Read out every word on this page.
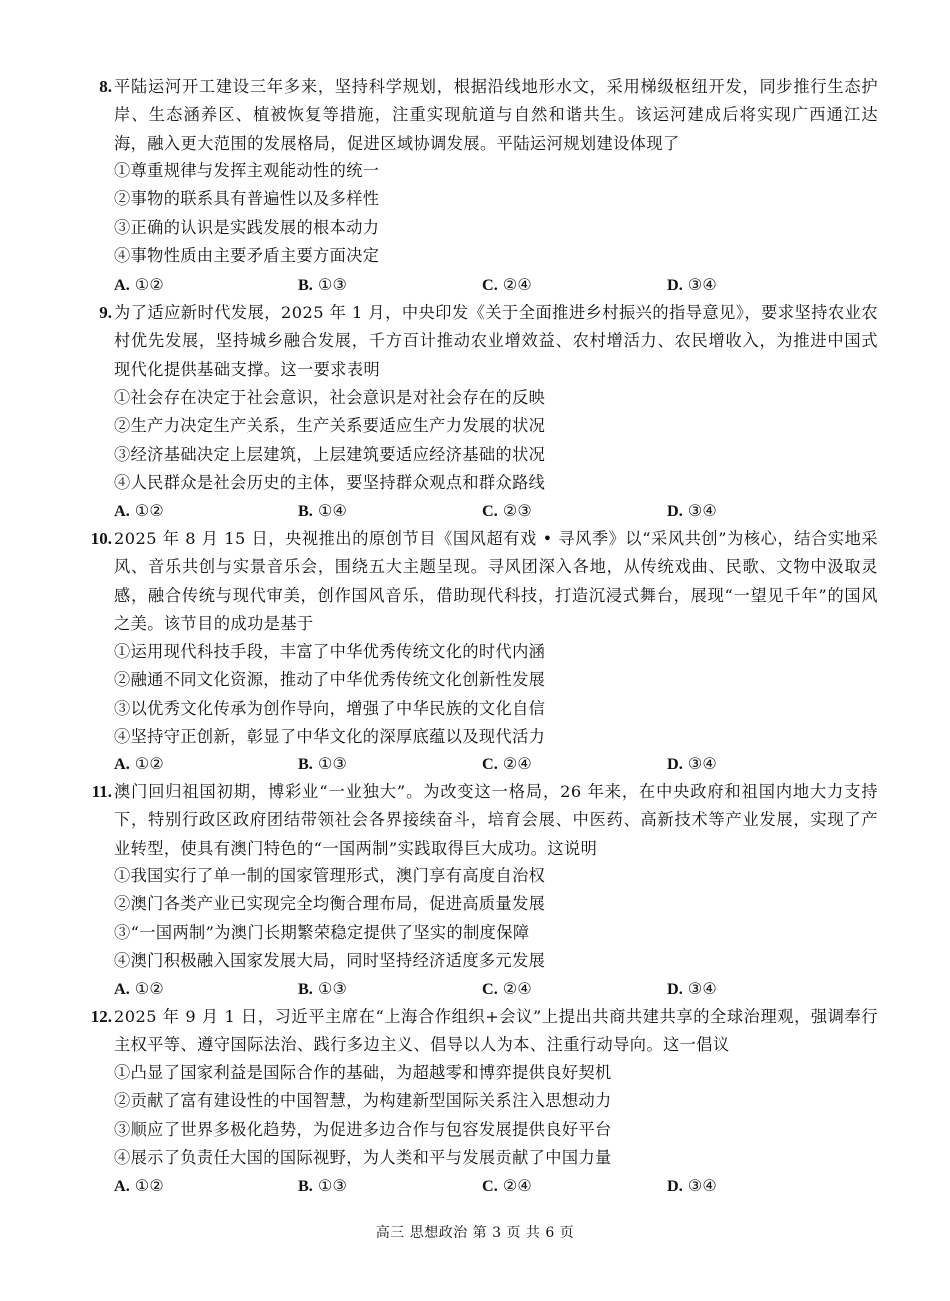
8. 平陆运河开工建设三年多来，坚持科学规划，根据沿线地形水文，采用梯级枢纽开发，同步推行生态护岸、生态涵养区、植被恢复等措施，注重实现航道与自然和谐共生。该运河建成后将实现广西通江达海，融入更大范围的发展格局，促进区域协调发展。平陆运河规划建设体现了
①尊重规律与发挥主观能动性的统一
②事物的联系具有普遍性以及多样性
③正确的认识是实践发展的根本动力
④事物性质由主要矛盾主要方面决定
A. ①②	B. ①③	C. ②④	D. ③④
9. 为了适应新时代发展，2025 年 1 月，中央印发《关于全面推进乡村振兴的指导意见》，要求坚持农业农村优先发展，坚持城乡融合发展，千方百计推动农业增效益、农村增活力、农民增收入，为推进中国式现代化提供基础支撑。这一要求表明
①社会存在决定于社会意识，社会意识是对社会存在的反映
②生产力决定生产关系，生产关系要适应生产力发展的状况
③经济基础决定上层建筑，上层建筑要适应经济基础的状况
④人民群众是社会历史的主体，要坚持群众观点和群众路线
A. ①②	B. ①④	C. ②③	D. ③④
10. 2025 年 8 月 15 日，央视推出的原创节目《国风超有戏 • 寻风季》以“采风共创”为核心，结合实地采风、音乐共创与实景音乐会，围绕五大主题呈现。寻风团深入各地，从传统戏曲、民歌、文物中汲取灵感，融合传统与现代审美，创作国风音乐，借助现代科技，打造沉浸式舞台，展现“一望见千年”的国风之美。该节目的成功是基于
①运用现代科技手段，丰富了中华优秀传统文化的时代内涵
②融通不同文化资源，推动了中华优秀传统文化创新性发展
③以优秀文化传承为创作导向，增强了中华民族的文化自信
④坚持守正创新，彰显了中华文化的深厚底蕴以及现代活力
A. ①②	B. ①③	C. ②④	D. ③④
11. 澳门回归祖国初期，博彩业“一业独大”。为改变这一格局，26 年来，在中央政府和祖国内地大力支持下，特别行政区政府团结带领社会各界接续奋斗，培育会展、中医药、高新技术等产业发展，实现了产业转型，使具有澳门特色的“一国两制”实践取得巨大成功。这说明
①我国实行了单一制的国家管理形式，澳门享有高度自治权
②澳门各类产业已实现完全均衡合理布局，促进高质量发展
③“一国两制”为澳门长期繁荣稳定提供了坚实的制度保障
④澳门积极融入国家发展大局，同时坚持经济适度多元发展
A. ①②	B. ①③	C. ②④	D. ③④
12. 2025 年 9 月 1 日，习近平主席在“上海合作组织+会议”上提出共商共建共享的全球治理观，强调奉行主权平等、遵守国际法治、践行多边主义、倡导以人为本、注重行动导向。这一倡议
①凸显了国家利益是国际合作的基础，为超越零和博弈提供良好契机
②贡献了富有建设性的中国智慧，为构建新型国际关系注入思想动力
③顺应了世界多极化趋势，为促进多边合作与包容发展提供良好平台
④展示了负责任大国的国际视野，为人类和平与发展贡献了中国力量
A. ①②	B. ①③	C. ②④	D. ③④
高三 思想政治 第 3 页 共 6 页
